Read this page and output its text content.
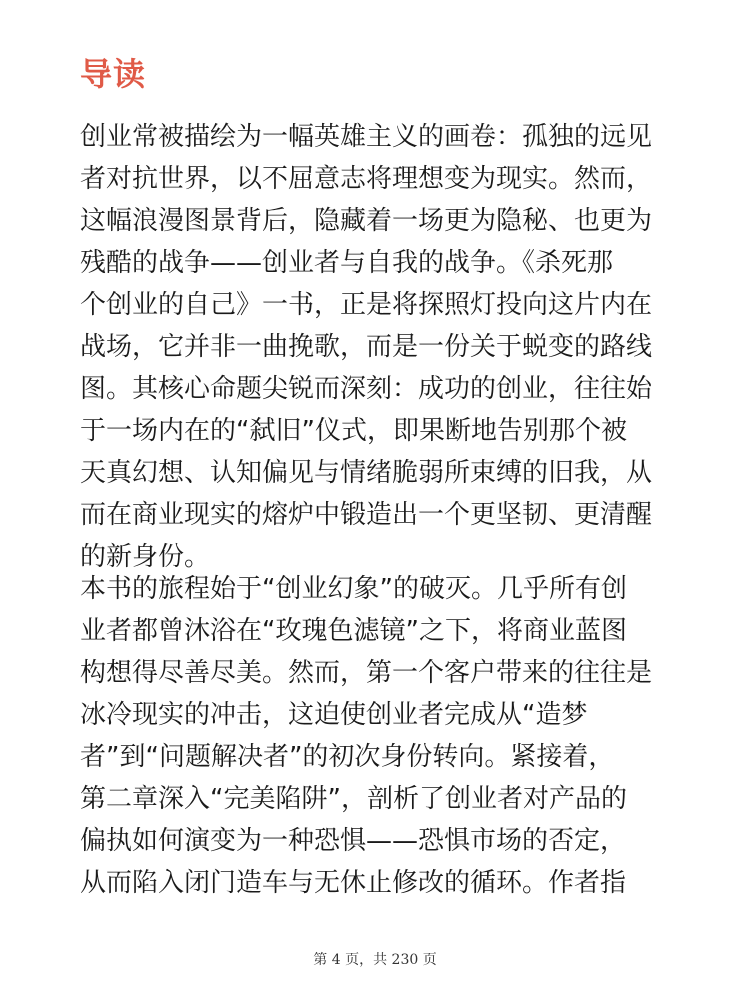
导读
创业常被描绘为一幅英雄主义的画卷：孤独的远见
者对抗世界，以不屈意志将理想变为现实。然而，
这幅浪漫图景背后，隐藏着一场更为隐秘、也更为
残酷的战争——创业者与自我的战争。《杀死那
个创业的自己》一书，正是将探照灯投向这片内在
战场，它并非一曲挽歌，而是一份关于蜕变的路线
图。其核心命题尖锐而深刻：成功的创业，往往始
于一场内在的“弑旧”仪式，即果断地告别那个被
天真幻想、认知偏见与情绪脆弱所束缚的旧我，从
而在商业现实的熔炉中锻造出一个更坚韧、更清醒
的新身份。
本书的旅程始于“创业幻象”的破灭。几乎所有创
业者都曾沐浴在“玫瑰色滤镜”之下，将商业蓝图
构想得尽善尽美。然而，第一个客户带来的往往是
冰冷现实的冲击，这迫使创业者完成从“造梦
者”到“问题解决者”的初次身份转向。紧接着，
第二章深入“完美陷阱”，剖析了创业者对产品的
偏执如何演变为一种恐惧——恐惧市场的否定，
从而陷入闭门造车与无休止修改的循环。作者指
第 4 页，共 230 页
